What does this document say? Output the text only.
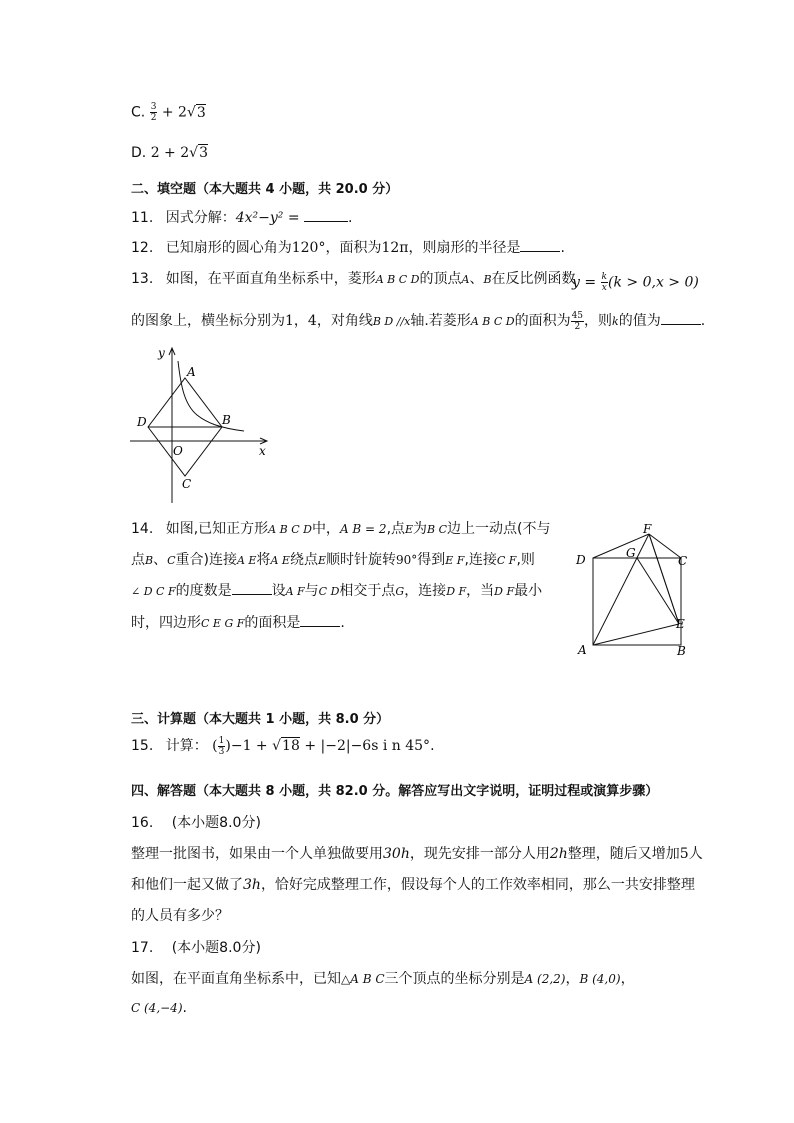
C. $\frac{3}{2} + 2√3$
D. 2 + 2√3
二、填空题（本大题共 4 小题，共 20.0 分）
11. 因式分解：4x²−y² =	.
12. 已知扇形的圆心角为120°，面积为12π，则扇形的半径是	.
13. 如图，在平面直角坐标系中，菱形A B C D的顶点A、B在反比例函数
$y = \frac{k}{x} (k > 0,x > 0)$
的图象上，横坐标分别为1，4，对角线B D //x轴.若菱形A B C D的面积为 $\frac{45}{2}$ ，则k的值为	.
y
x
A
B
D
O
C
14. 如图,已知正方形A B C D中，A B = 2,点E为B C边上一动点(不与
点B、C重合)连接A E将A E绕点E顺时针旋转90°得到E F,连接C F,则
∠ D C F的度数是	设A F与C D相交于点G，连接D F，当D F最小
时，四边形C E G F的面积是	.
F
G
D	C
E
A	B
三、计算题（本大题共 1 小题，共 8.0 分）
15. 计算： ( $\frac{1}{3} )-1 + √18 + |-2|-6s$ i n 45°.
四、解答题（本大题共 8 小题，共 82.0 分。解答应写出文字说明，证明过程或演算步骤）
16. (本小题8.0分)
整理一批图书，如果由一个人单独做要用30h，现先安排一部分人用2h整理，随后又增加5人
和他们一起又做了3h，恰好完成整理工作，假设每个人的工作效率相同，那么一共安排整理
的人员有多少？
17. (本小题8.0分)
如图，在平面直角坐标系中，已知△A B C三个顶点的坐标分别是A (2,2)，B (4,0)，
C (4,−4).
